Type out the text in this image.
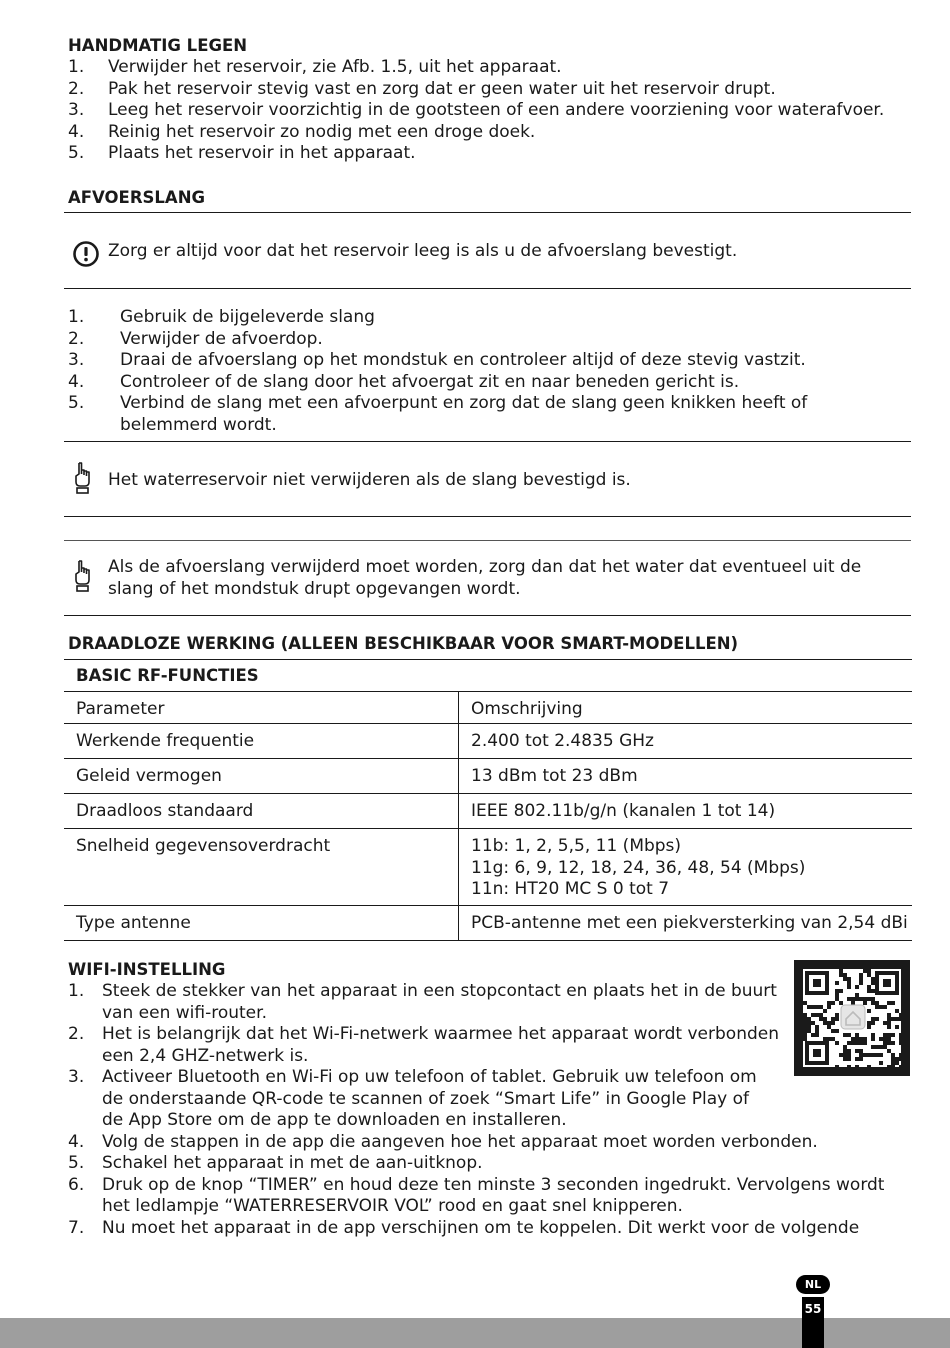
HANDMATIG LEGEN
1.	Verwijder het reservoir, zie Afb. 1.5, uit het apparaat.
2.	Pak het reservoir stevig vast en zorg dat er geen water uit het reservoir drupt.
3.	Leeg het reservoir voorzichtig in de gootsteen of een andere voorziening voor waterafvoer.
4.	Reinig het reservoir zo nodig met een droge doek.
5.	Plaats het reservoir in het apparaat.
AFVOERSLANG
Zorg er altijd voor dat het reservoir leeg is als u de afvoerslang bevestigt.
1.	Gebruik de bijgeleverde slang
2.	Verwijder de afvoerdop.
3.	Draai de afvoerslang op het mondstuk en controleer altijd of deze stevig vastzit.
4.	Controleer of de slang door het afvoergat zit en naar beneden gericht is.
5.	Verbind de slang met een afvoerpunt en zorg dat de slang geen knikken heeft of belemmerd wordt.
Het waterreservoir niet verwijderen als de slang bevestigd is.
Als de afvoerslang verwijderd moet worden, zorg dan dat het water dat eventueel uit de slang of het mondstuk drupt opgevangen wordt.
DRAADLOZE WERKING (ALLEEN BESCHIKBAAR VOOR SMART-MODELLEN)
BASIC RF-FUNCTIES	
Parameter	Omschrijving
Werkende frequentie	2.400 tot 2.4835 GHz
Geleid vermogen	13 dBm tot 23 dBm
Draadloos standaard	IEEE 802.11b/g/n (kanalen 1 tot 14)
Snelheid gegevensoverdracht	11b: 1, 2, 5,5, 11 (Mbps)
11g: 6, 9, 12, 18, 24, 36, 48, 54 (Mbps)
11n: HT20 MC S 0 tot 7

Type antenne	PCB-antenne met een piekversterking van 2,54 dBi
WIFI-INSTELLING
1.	Steek de stekker van het apparaat in een stopcontact en plaats het in de buurt van een wifi-router.
2.	Het is belangrijk dat het Wi-Fi-netwerk waarmee het apparaat wordt verbonden een 2,4 GHZ-netwerk is.
3.	Activeer Bluetooth en Wi-Fi op uw telefoon of tablet. Gebruik uw telefoon om de onderstaande QR-code te scannen of zoek “Smart Life” in Google Play of de App Store om de app te downloaden en installeren.
4.	Volg de stappen in de app die aangeven hoe het apparaat moet worden verbonden.
5.	Schakel het apparaat in met de aan-uitknop.
6.	Druk op de knop “TIMER” en houd deze ten minste 3 seconden ingedrukt. Vervolgens wordt het ledlampje “WATERRESERVOIR VOL” rood en gaat snel knipperen.
7.	Nu moet het apparaat in de app verschijnen om te koppelen. Dit werkt voor de volgende
NL
55
